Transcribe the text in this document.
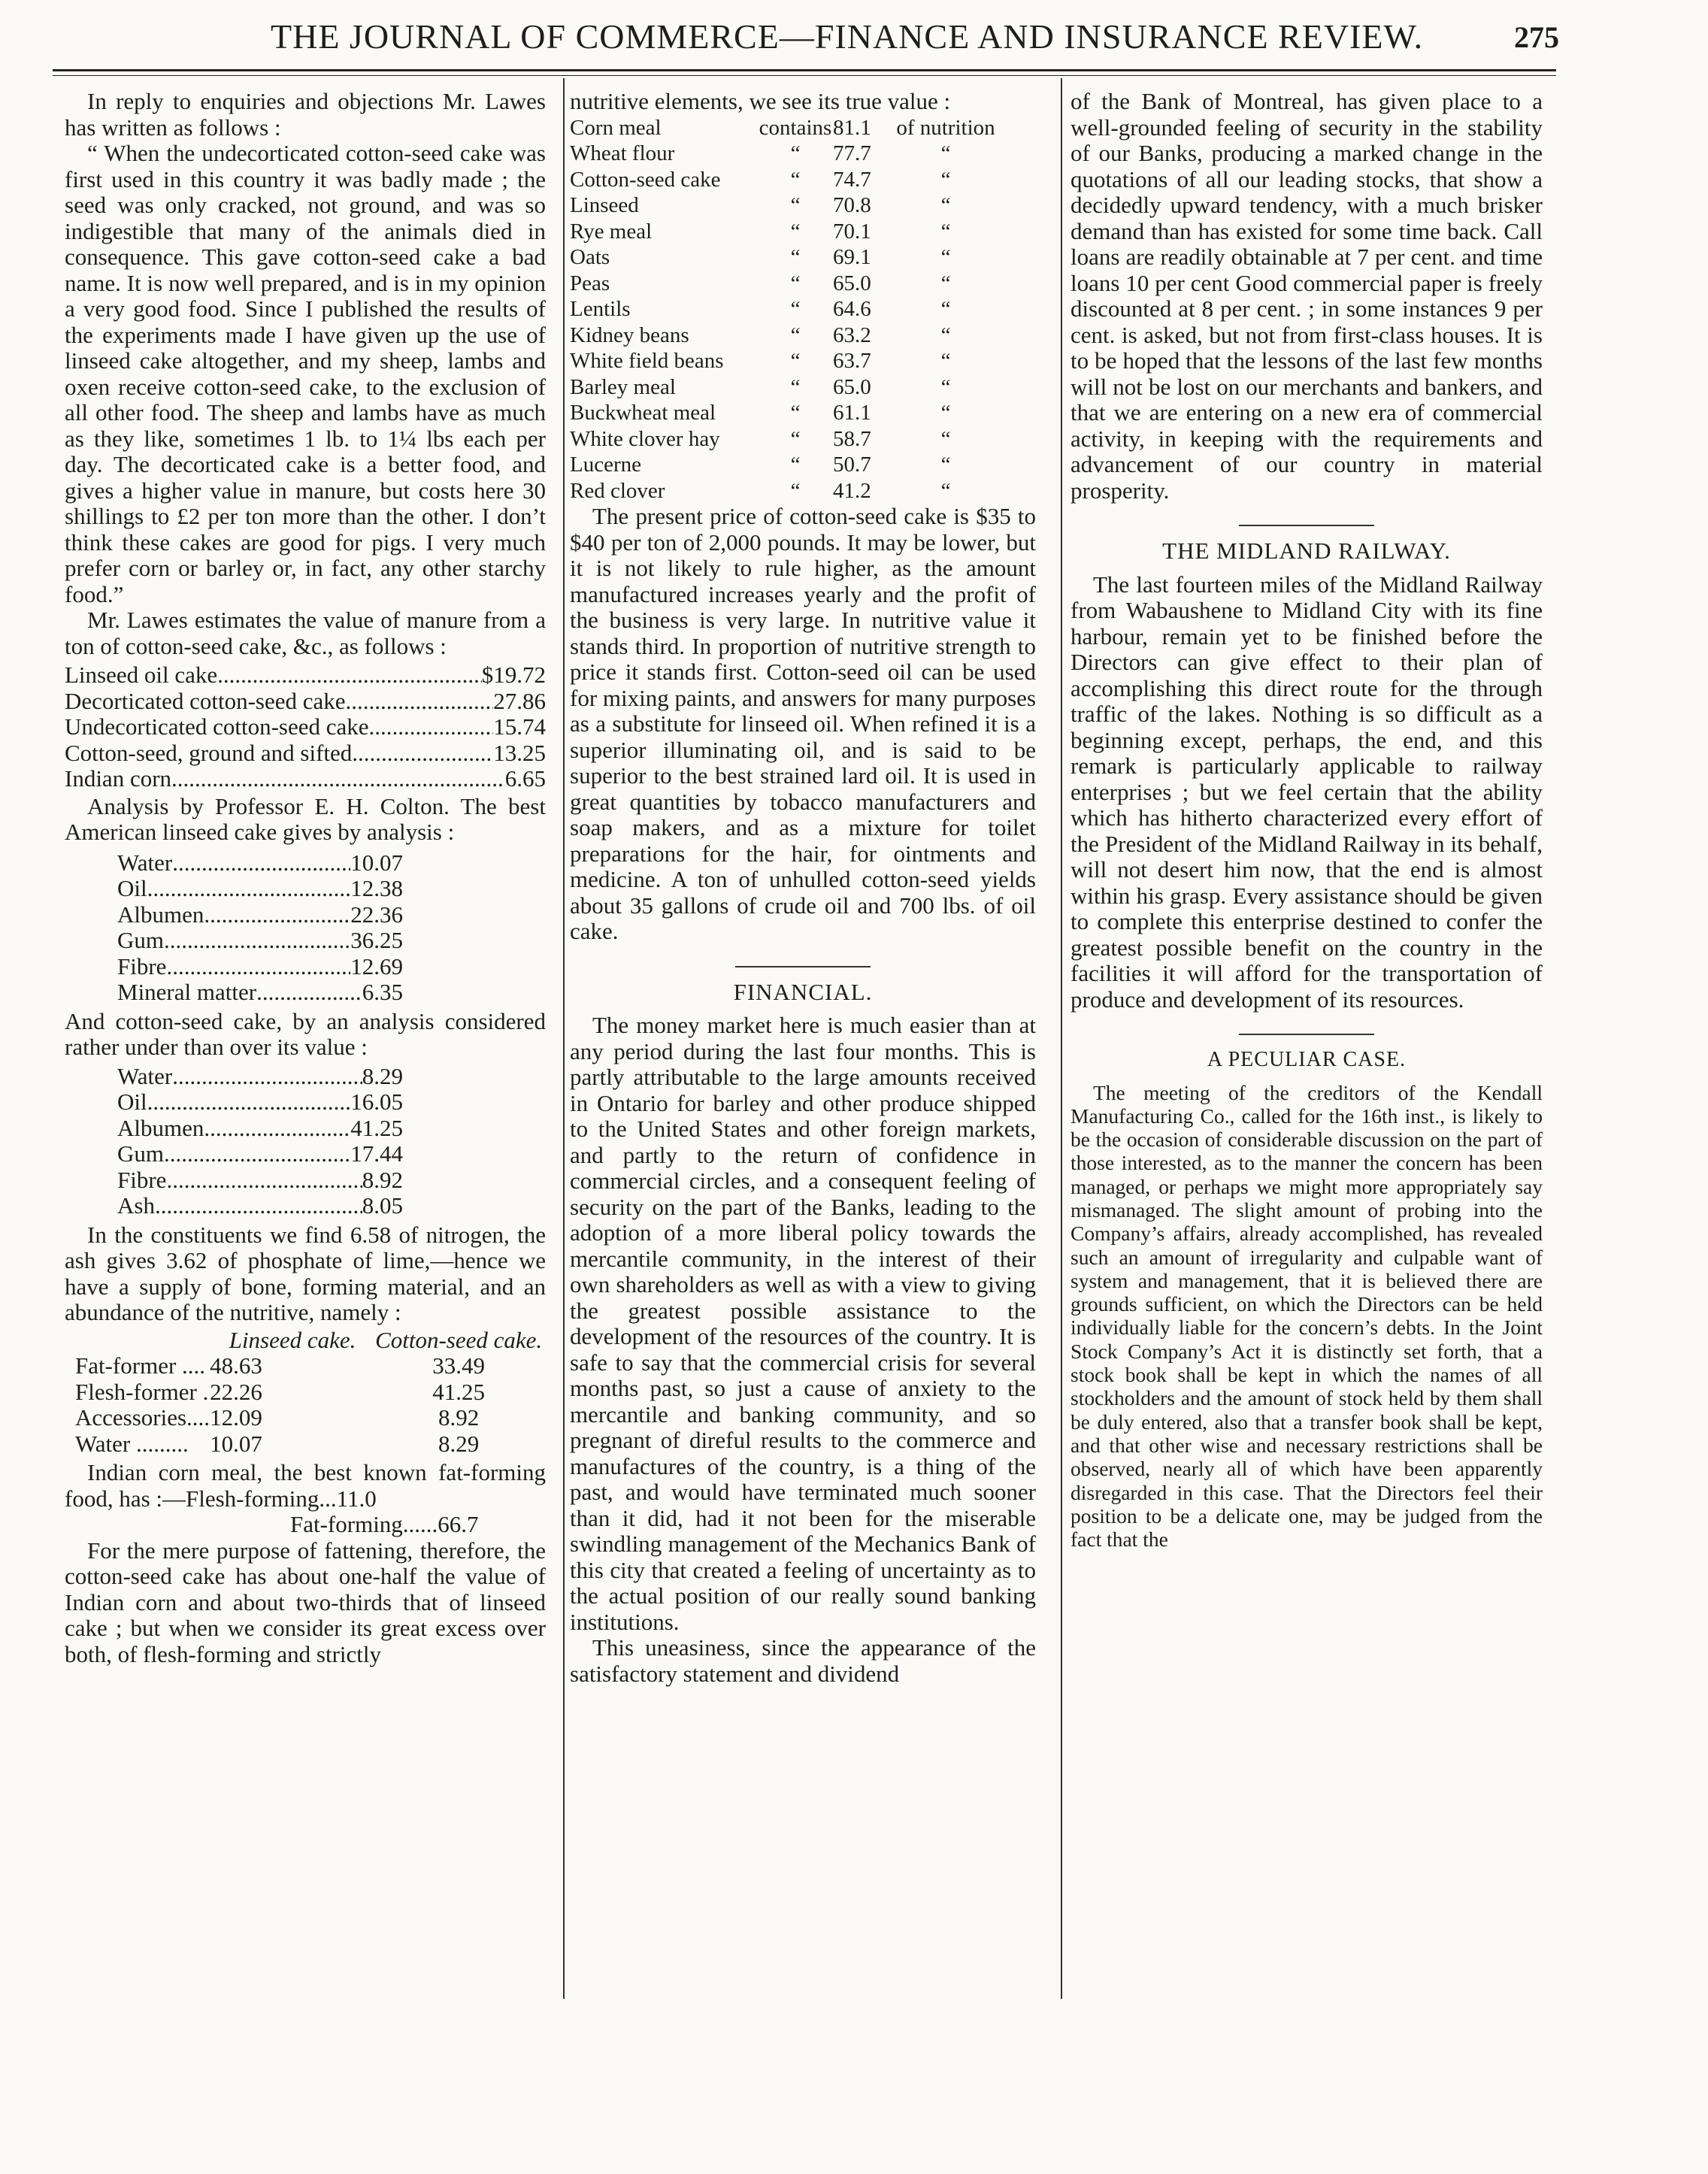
THE JOURNAL OF COMMERCE—FINANCE AND INSURANCE REVIEW.	275

In reply to enquiries and objections Mr. Lawes has written as follows :

“ When the undecorticated cotton-seed cake was first used in this country it was badly made ; the seed was only cracked, not ground, and was so indigestible that many of the animals died in consequence. This gave cotton-seed cake a bad name. It is now well prepared, and is in my opinion a very good food. Since I published the results of the experiments made I have given up the use of linseed cake altogether, and my sheep, lambs and oxen receive cotton-seed cake, to the exclusion of all other food. The sheep and lambs have as much as they like, sometimes 1 lb. to 1¼ lbs each per day. The decorticated cake is a better food, and gives a higher value in manure, but costs here 30 shillings to £2 per ton more than the other. I don’t think these cakes are good for pigs. I very much prefer corn or barley or, in fact, any other starchy food.”

Mr. Lawes estimates the value of manure from a ton of cotton-seed cake, &c., as follows :

Linseed oil cake .....	$19.72
Decorticated cotton-seed cake .....	27.86
Undecorticated cotton-seed cake .....	15.74
Cotton-seed, ground and sifted .....	13.25
Indian corn .....	6.65

Analysis by Professor E. H. Colton. The best American linseed cake gives by analysis :

Water .....	10.07
Oil .....	12.38
Albumen .....	22.36
Gum .....	36.25
Fibre .....	12.69
Mineral matter .....	6.35

And cotton-seed cake, by an analysis considered rather under than over its value :

Water .....	8.29
Oil .....	16.05
Albumen .....	41.25
Gum .....	17.44
Fibre .....	8.92
Ash .....	8.05

In the constituents we find 6.58 of nitrogen, the ash gives 3.62 of phosphate of lime,—hence we have a supply of bone, forming material, and an abundance of the nutritive, namely :

	Linseed cake.	Cotton-seed cake.
Fat-former ....	48.63	33.49
Flesh-former .	22.26	41.25
Accessories....	12.09	8.92
Water .........	10.07	8.29

Indian corn meal, the best known fat-forming food, has :—Flesh-forming...11.0

Fat-forming......66.7

For the mere purpose of fattening, therefore, the cotton-seed cake has about one-half the value of Indian corn and about two-thirds that of linseed cake ; but when we consider its great excess over both, of flesh-forming and strictly

nutritive elements, we see its true value :

Corn meal	contains	81.1	of nutrition
Wheat flour	“	77.7	“
Cotton-seed cake	“	74.7	“
Linseed	“	70.8	“
Rye meal	“	70.1	“
Oats	“	69.1	“
Peas	“	65.0	“
Lentils	“	64.6	“
Kidney beans	“	63.2	“
White field beans	“	63.7	“
Barley meal	“	65.0	“
Buckwheat meal	“	61.1	“
White clover hay	“	58.7	“
Lucerne	“	50.7	“
Red clover	“	41.2	“

The present price of cotton-seed cake is $35 to $40 per ton of 2,000 pounds. It may be lower, but it is not likely to rule higher, as the amount manufactured increases yearly and the profit of the business is very large. In nutritive value it stands third. In proportion of nutritive strength to price it stands first. Cotton-seed oil can be used for mixing paints, and answers for many purposes as a substitute for linseed oil. When refined it is a superior illuminating oil, and is said to be superior to the best strained lard oil. It is used in great quantities by tobacco manufacturers and soap makers, and as a mixture for toilet preparations for the hair, for ointments and medicine. A ton of unhulled cotton-seed yields about 35 gallons of crude oil and 700 lbs. of oil cake.

FINANCIAL.

The money market here is much easier than at any period during the last four months. This is partly attributable to the large amounts received in Ontario for barley and other produce shipped to the United States and other foreign markets, and partly to the return of confidence in commercial circles, and a consequent feeling of security on the part of the Banks, leading to the adoption of a more liberal policy towards the mercantile community, in the interest of their own shareholders as well as with a view to giving the greatest possible assistance to the development of the resources of the country. It is safe to say that the commercial crisis for several months past, so just a cause of anxiety to the mercantile and banking community, and so pregnant of direful results to the commerce and manufactures of the country, is a thing of the past, and would have terminated much sooner than it did, had it not been for the miserable swindling management of the Mechanics Bank of this city that created a feeling of uncertainty as to the actual position of our really sound banking institutions.

This uneasiness, since the appearance of the satisfactory statement and dividend

of the Bank of Montreal, has given place to a well-grounded feeling of security in the stability of our Banks, producing a marked change in the quotations of all our leading stocks, that show a decidedly upward tendency, with a much brisker demand than has existed for some time back. Call loans are readily obtainable at 7 per cent. and time loans 10 per cent Good commercial paper is freely discounted at 8 per cent. ; in some instances 9 per cent. is asked, but not from first-class houses. It is to be hoped that the lessons of the last few months will not be lost on our merchants and bankers, and that we are entering on a new era of commercial activity, in keeping with the requirements and advancement of our country in material prosperity.

THE MIDLAND RAILWAY.

The last fourteen miles of the Midland Railway from Wabaushene to Midland City with its fine harbour, remain yet to be finished before the Directors can give effect to their plan of accomplishing this direct route for the through traffic of the lakes. Nothing is so difficult as a beginning except, perhaps, the end, and this remark is particularly applicable to railway enterprises ; but we feel certain that the ability which has hitherto characterized every effort of the President of the Midland Railway in its behalf, will not desert him now, that the end is almost within his grasp. Every assistance should be given to complete this enterprise destined to confer the greatest possible benefit on the country in the facilities it will afford for the transportation of produce and development of its resources.

A PECULIAR CASE.

The meeting of the creditors of the Kendall Manufacturing Co., called for the 16th inst., is likely to be the occasion of considerable discussion on the part of those interested, as to the manner the concern has been managed, or perhaps we might more appropriately say mismanaged. The slight amount of probing into the Company’s affairs, already accomplished, has revealed such an amount of irregularity and culpable want of system and management, that it is believed there are grounds sufficient, on which the Directors can be held individually liable for the concern’s debts. In the Joint Stock Company’s Act it is distinctly set forth, that a stock book shall be kept in which the names of all stockholders and the amount of stock held by them shall be duly entered, also that a transfer book shall be kept, and that other wise and necessary restrictions shall be observed, nearly all of which have been apparently disregarded in this case. That the Directors feel their position to be a delicate one, may be judged from the fact that the
